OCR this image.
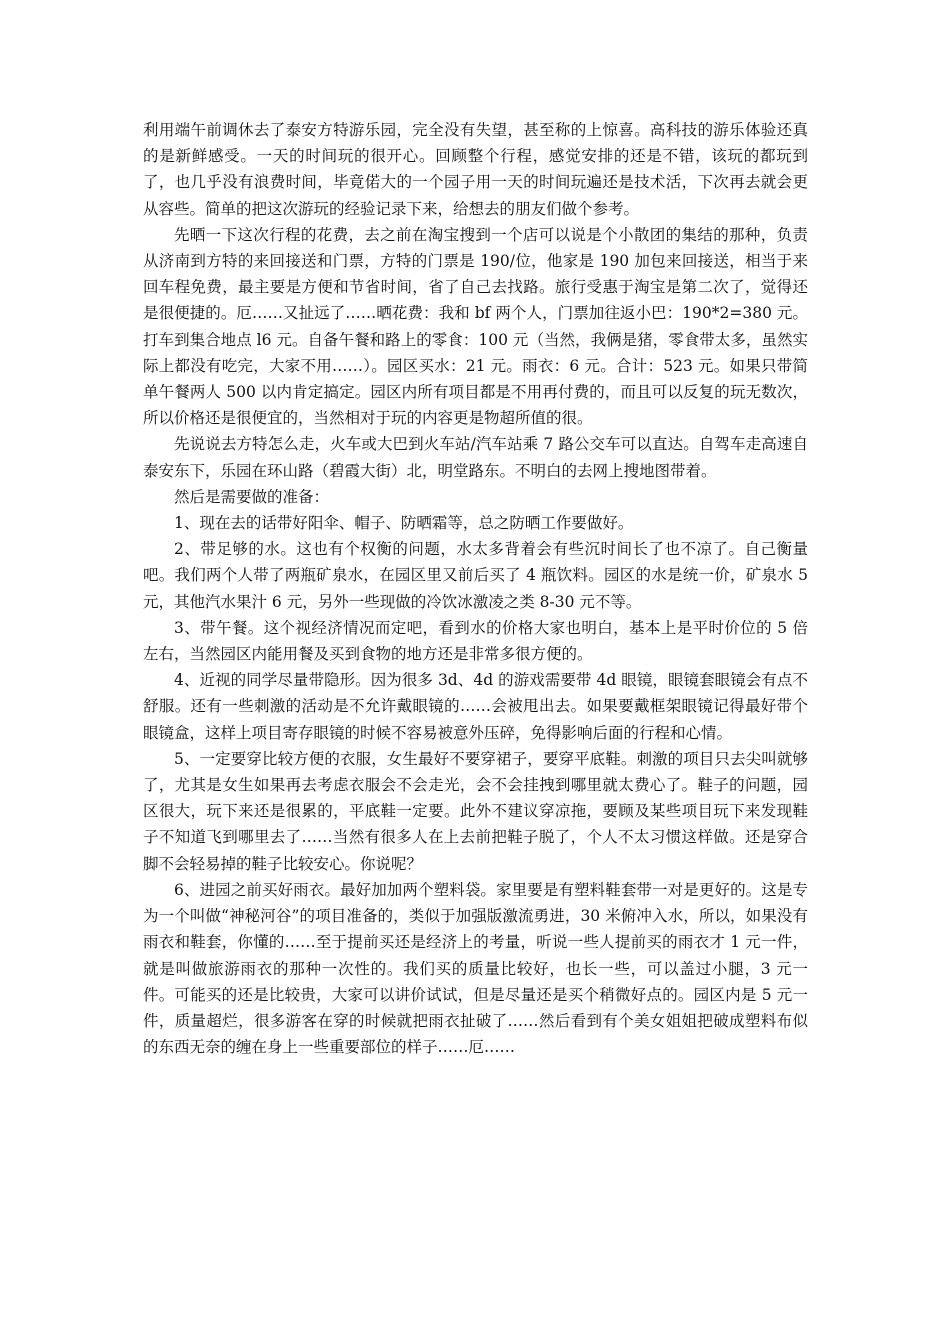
利用端午前调休去了泰安方特游乐园，完全没有失望，甚至称的上惊喜。高科技的游乐体验还真的是新鲜感受。一天的时间玩的很开心。回顾整个行程，感觉安排的还是不错，该玩的都玩到了，也几乎没有浪费时间，毕竟偌大的一个园子用一天的时间玩遍还是技术活，下次再去就会更从容些。简单的把这次游玩的经验记录下来，给想去的朋友们做个参考。

先晒一下这次行程的花费，去之前在淘宝搜到一个店可以说是个小散团的集结的那种，负责从济南到方特的来回接送和门票，方特的门票是 190/位，他家是 190 加包来回接送，相当于来回车程免费，最主要是方便和节省时间，省了自己去找路。旅行受惠于淘宝是第二次了，觉得还是很便捷的。厄……又扯远了……晒花费：我和 bf 两个人，门票加往返小巴：190*2=380 元。打车到集合地点 l6 元。自备午餐和路上的零食：100 元（当然，我俩是猪，零食带太多，虽然实际上都没有吃完，大家不用……）。园区买水：21 元。雨衣：6 元。合计：523 元。如果只带简单午餐两人 500 以内肯定搞定。园区内所有项目都是不用再付费的，而且可以反复的玩无数次，所以价格还是很便宜的，当然相对于玩的内容更是物超所值的很。

先说说去方特怎么走，火车或大巴到火车站/汽车站乘 7 路公交车可以直达。自驾车走高速自泰安东下，乐园在环山路（碧霞大街）北，明堂路东。不明白的去网上搜地图带着。

然后是需要做的准备：

1、现在去的话带好阳伞、帽子、防晒霜等，总之防晒工作要做好。

2、带足够的水。这也有个权衡的问题，水太多背着会有些沉时间长了也不凉了。自己衡量吧。我们两个人带了两瓶矿泉水，在园区里又前后买了 4 瓶饮料。园区的水是统一价，矿泉水 5 元，其他汽水果汁 6 元，另外一些现做的冷饮冰激凌之类 8-30 元不等。

3、带午餐。这个视经济情况而定吧，看到水的价格大家也明白，基本上是平时价位的 5 倍左右，当然园区内能用餐及买到食物的地方还是非常多很方便的。

4、近视的同学尽量带隐形。因为很多 3d、4d 的游戏需要带 4d 眼镜，眼镜套眼镜会有点不舒服。还有一些刺激的活动是不允许戴眼镜的……会被甩出去。如果要戴框架眼镜记得最好带个眼镜盒，这样上项目寄存眼镜的时候不容易被意外压碎，免得影响后面的行程和心情。

5、一定要穿比较方便的衣服，女生最好不要穿裙子，要穿平底鞋。刺激的项目只去尖叫就够了，尤其是女生如果再去考虑衣服会不会走光，会不会挂拽到哪里就太费心了。鞋子的问题，园区很大，玩下来还是很累的，平底鞋一定要。此外不建议穿凉拖，要顾及某些项目玩下来发现鞋子不知道飞到哪里去了……当然有很多人在上去前把鞋子脱了，个人不太习惯这样做。还是穿合脚不会轻易掉的鞋子比较安心。你说呢？

6、进园之前买好雨衣。最好加加两个塑料袋。家里要是有塑料鞋套带一对是更好的。这是专为一个叫做“神秘河谷”的项目准备的，类似于加强版激流勇进，30 米俯冲入水，所以，如果没有雨衣和鞋套，你懂的……至于提前买还是经济上的考量，听说一些人提前买的雨衣才 1 元一件，就是叫做旅游雨衣的那种一次性的。我们买的质量比较好，也长一些，可以盖过小腿，3 元一件。可能买的还是比较贵，大家可以讲价试试，但是尽量还是买个稍微好点的。园区内是 5 元一件，质量超烂，很多游客在穿的时候就把雨衣扯破了……然后看到有个美女姐姐把破成塑料布似的东西无奈的缠在身上一些重要部位的样子……厄……
